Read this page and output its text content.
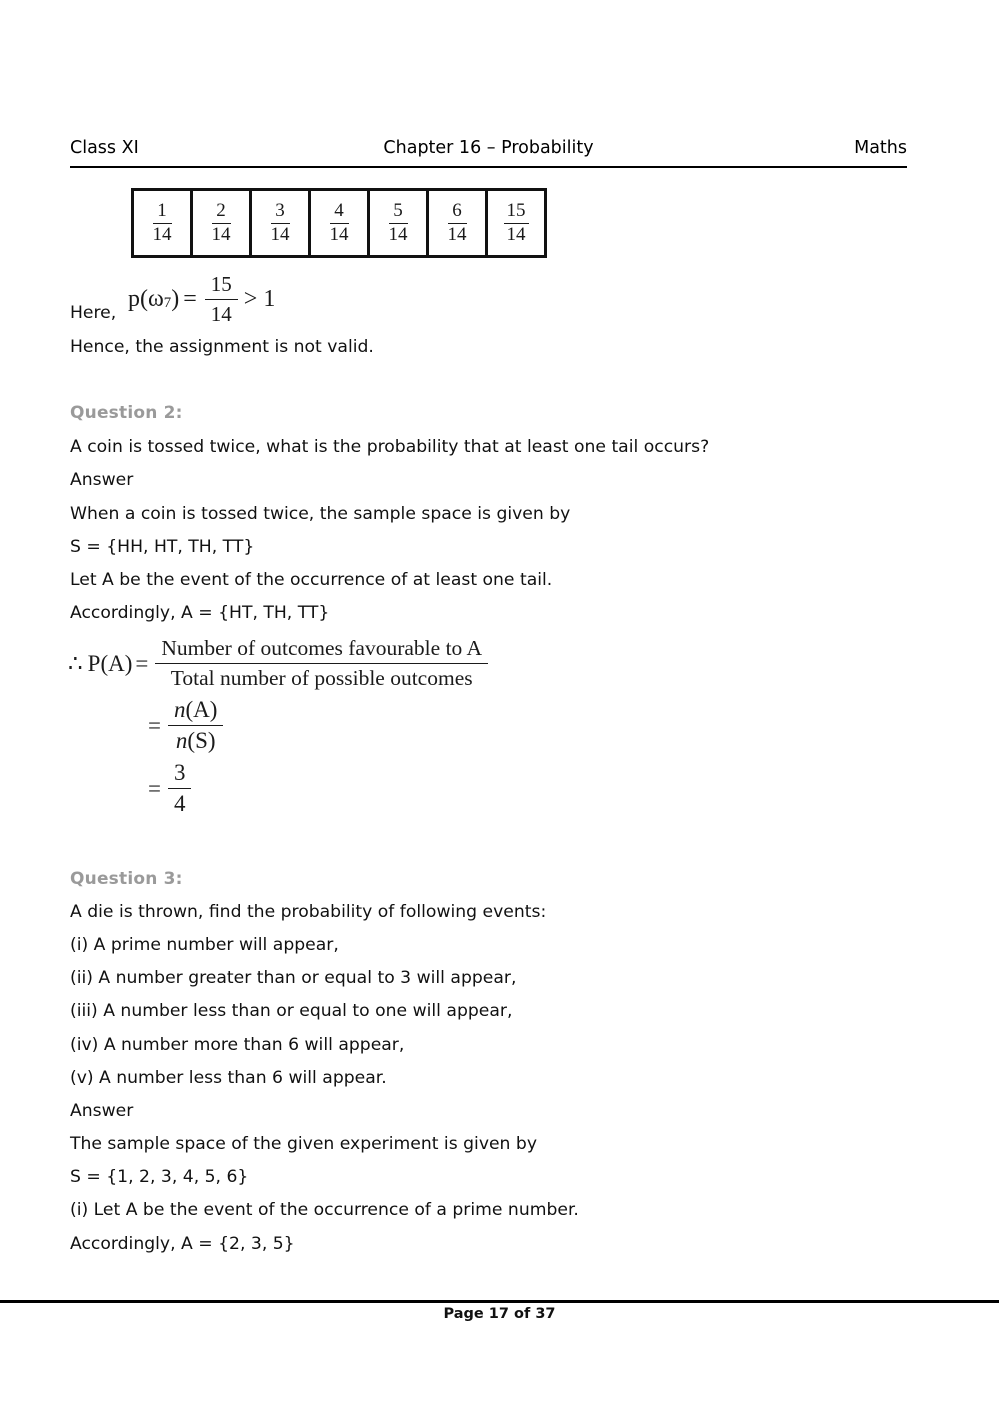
Class XI	Chapter 16 – Probability	Maths
$\frac{1}{14}$	$\frac{2}{14}$	$\frac{3}{14}$	$\frac{4}{14}$	$\frac{5}{14}$	$\frac{6}{14}$	$\frac{15}{14}$
p ( ω 7 ) = $\frac{15}{14} > 1$
Here,
Hence, the assignment is not valid.
Question 2:
A coin is tossed twice, what is the probability that at least one tail occurs?
Answer
When a coin is tossed twice, the sample space is given by
S = {HH, HT, TH, TT}
Let A be the event of the occurrence of at least one tail.
Accordingly, A = {HT, TH, TT}
∴ P ( A ) = $\frac{\text{Number of outcomes favourable to A}}{\text{Total number of possible outcomes}}$
= $\frac{n(A)}{n(S)}$
= $\frac{3}{4}$
Question 3:
A die is thrown, find the probability of following events:
(i) A prime number will appear,
(ii) A number greater than or equal to 3 will appear,
(iii) A number less than or equal to one will appear,
(iv) A number more than 6 will appear,
(v) A number less than 6 will appear.
Answer
The sample space of the given experiment is given by
S = {1, 2, 3, 4, 5, 6}
(i) Let A be the event of the occurrence of a prime number.
Accordingly, A = {2, 3, 5}
Page 17 of 37
